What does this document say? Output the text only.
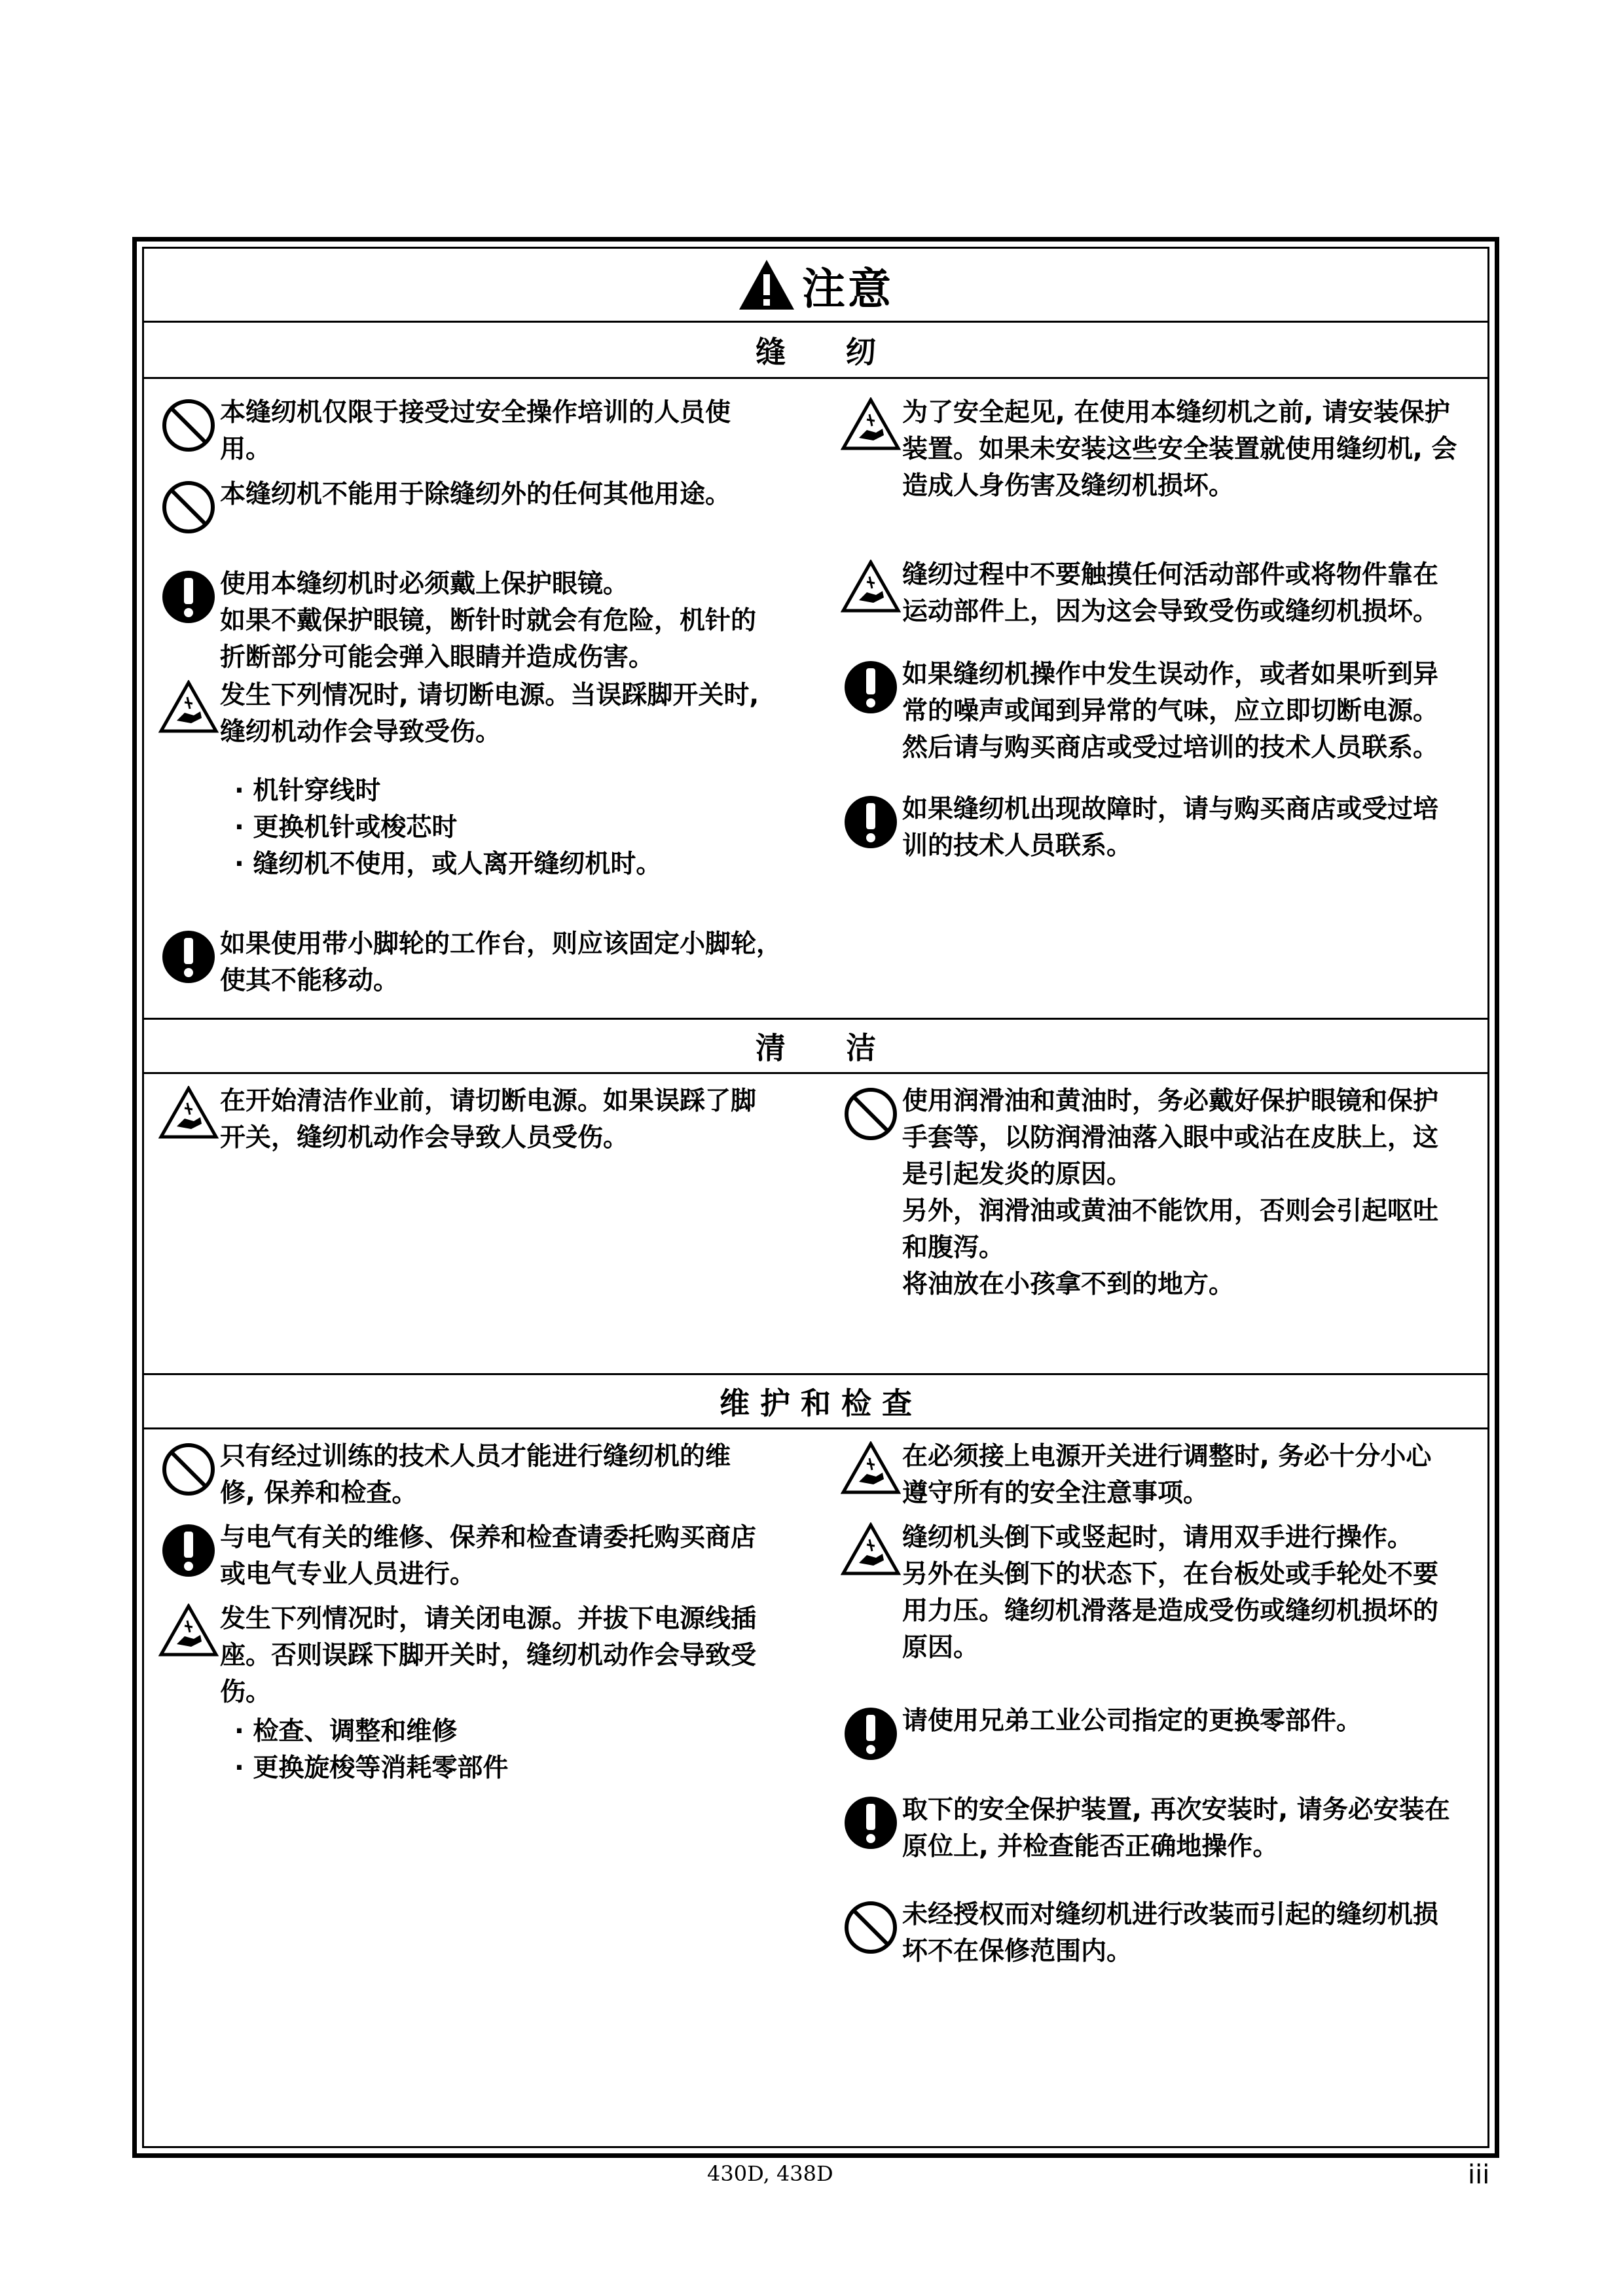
注意
缝　　纫

本缝纫机仅限于接受过安全操作培训的人员使

用。

本缝纫机不能用于除缝纫外的任何其他用途。

使用本缝纫机时必须戴上保护眼镜。

如果不戴保护眼镜，断针时就会有危险，机针的

折断部分可能会弹入眼睛并造成伤害。

发生下列情况时, 请切断电源。当误踩脚开关时,

缝纫机动作会导致受伤。

· 机针穿线时

· 更换机针或梭芯时

· 缝纫机不使用，或人离开缝纫机时。

如果使用带小脚轮的工作台，则应该固定小脚轮，

使其不能移动。

为了安全起见, 在使用本缝纫机之前, 请安装保护

装置。如果未安装这些安全装置就使用缝纫机, 会

造成人身伤害及缝纫机损坏。

缝纫过程中不要触摸任何活动部件或将物件靠在

运动部件上，因为这会导致受伤或缝纫机损坏。

如果缝纫机操作中发生误动作，或者如果听到异

常的噪声或闻到异常的气味，应立即切断电源。

然后请与购买商店或受过培训的技术人员联系。

如果缝纫机出现故障时，请与购买商店或受过培

训的技术人员联系。

清　　洁

在开始清洁作业前，请切断电源。如果误踩了脚

开关，缝纫机动作会导致人员受伤。

使用润滑油和黄油时，务必戴好保护眼镜和保护

手套等，以防润滑油落入眼中或沾在皮肤上，这

是引起发炎的原因。

另外，润滑油或黄油不能饮用，否则会引起呕吐

和腹泻。

将油放在小孩拿不到的地方。

维 护 和 检 查

只有经过训练的技术人员才能进行缝纫机的维

修, 保养和检查。

与电气有关的维修、保养和检查请委托购买商店

或电气专业人员进行。

发生下列情况时，请关闭电源。并拔下电源线插

座。否则误踩下脚开关时，缝纫机动作会导致受

伤。

· 检查、调整和维修

· 更换旋梭等消耗零部件

在必须接上电源开关进行调整时, 务必十分小心

遵守所有的安全注意事项。

缝纫机头倒下或竖起时，请用双手进行操作。

另外在头倒下的状态下，在台板处或手轮处不要

用力压。缝纫机滑落是造成受伤或缝纫机损坏的

原因。

请使用兄弟工业公司指定的更换零部件。

取下的安全保护装置, 再次安装时, 请务必安装在

原位上, 并检查能否正确地操作。

未经授权而对缝纫机进行改装而引起的缝纫机损

坏不在保修范围内。

430D, 438D	iii
